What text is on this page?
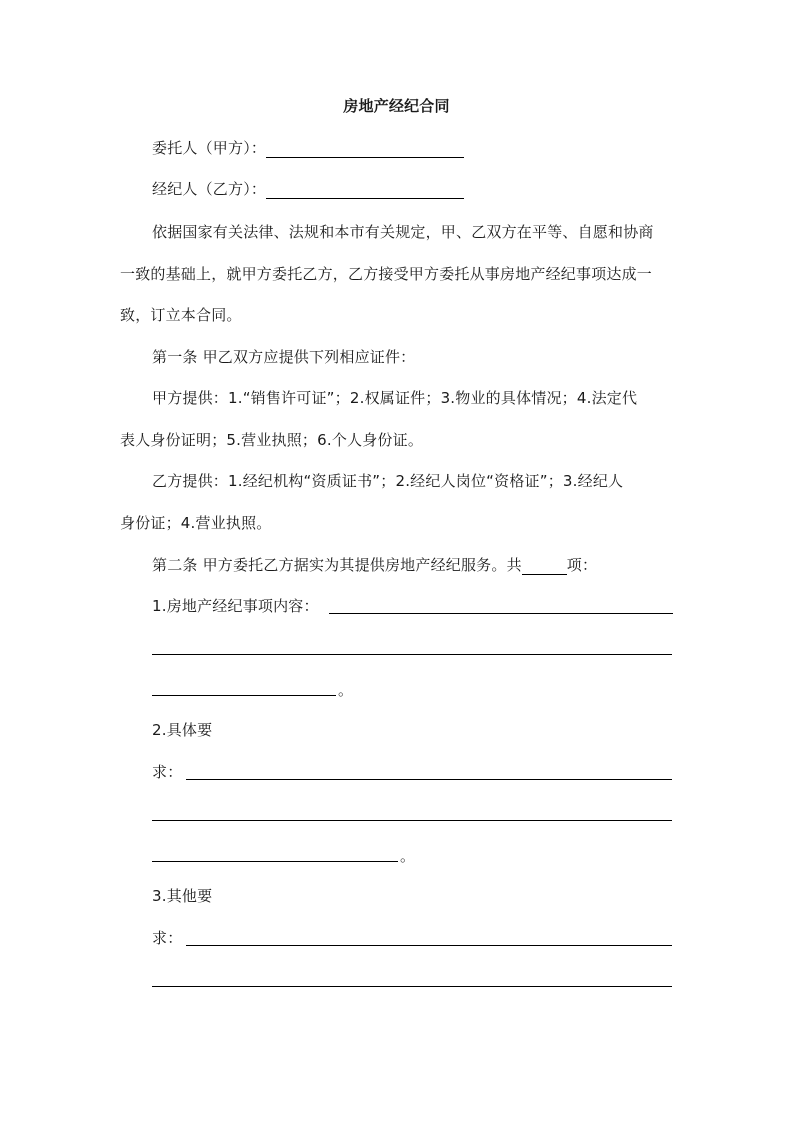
房地产经纪合同
委托人（甲方）：
经纪人（乙方）：
依据国家有关法律、法规和本市有关规定，甲、乙双方在平等、自愿和协商
一致的基础上，就甲方委托乙方，乙方接受甲方委托从事房地产经纪事项达成一
致，订立本合同。
第一条 甲乙双方应提供下列相应证件：
甲方提供：1.“销售许可证”；2.权属证件；3.物业的具体情况；4.法定代
表人身份证明；5.营业执照；6.个人身份证。
乙方提供：1.经纪机构“资质证书”；2.经纪人岗位“资格证”；3.经纪人
身份证；4.营业执照。
第二条 甲方委托乙方据实为其提供房地产经纪服务。共	项：
1.房地产经纪事项内容：
。
2.具体要
求：
。
3.其他要
求：
